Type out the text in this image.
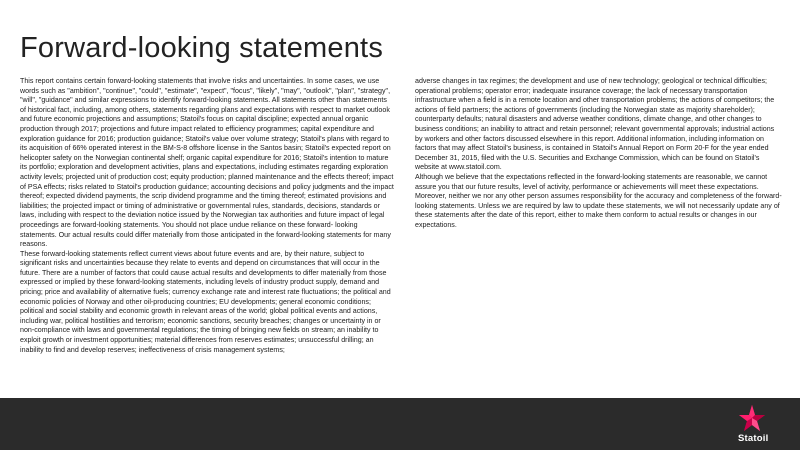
Forward-looking statements

This report contains certain forward-looking statements that involve risks and uncertainties. In some cases, we use words such as "ambition", "continue", "could", "estimate", "expect", "focus", "likely", "may", "outlook", "plan", "strategy", "will", "guidance" and similar expressions to identify forward-looking statements. All statements other than statements of historical fact, including, among others, statements regarding plans and expectations with respect to market outlook and future economic projections and assumptions; Statoil's focus on capital discipline; expected annual organic production through 2017; projections and future impact related to efficiency programmes; capital expenditure and exploration guidance for 2016; production guidance; Statoil's value over volume strategy; Statoil's plans with regard to its acquisition of 66% operated interest in the BM-S-8 offshore license in the Santos basin; Statoil's expected report on helicopter safety on the Norwegian continental shelf; organic capital expenditure for 2016; Statoil's intention to mature its portfolio; exploration and development activities, plans and expectations, including estimates regarding exploration activity levels; projected unit of production cost; equity production; planned maintenance and the effects thereof; impact of PSA effects; risks related to Statoil's production guidance; accounting decisions and policy judgments and the impact thereof; expected dividend payments, the scrip dividend programme and the timing thereof; estimated provisions and liabilities; the projected impact or timing of administrative or governmental rules, standards, decisions, standards or laws, including with respect to the deviation notice issued by the Norwegian tax authorities and future impact of legal proceedings are forward-looking statements. You should not place undue reliance on these forward- looking statements. Our actual results could differ materially from those anticipated in the forward-looking statements for many reasons.

These forward-looking statements reflect current views about future events and are, by their nature, subject to significant risks and uncertainties because they relate to events and depend on circumstances that will occur in the future. There are a number of factors that could cause actual results and developments to differ materially from those expressed or implied by these forward-looking statements, including levels of industry product supply, demand and pricing; price and availability of alternative fuels; currency exchange rate and interest rate fluctuations; the political and economic policies of Norway and other oil-producing countries; EU developments; general economic conditions; political and social stability and economic growth in relevant areas of the world; global political events and actions, including war, political hostilities and terrorism; economic sanctions, security breaches; changes or uncertainty in or non-compliance with laws and governmental regulations; the timing of bringing new fields on stream; an inability to exploit growth or investment opportunities; material differences from reserves estimates; unsuccessful drilling; an inability to find and develop reserves; ineffectiveness of crisis management systems;

adverse changes in tax regimes; the development and use of new technology; geological or technical difficulties; operational problems; operator error; inadequate insurance coverage; the lack of necessary transportation infrastructure when a field is in a remote location and other transportation problems; the actions of competitors; the actions of field partners; the actions of governments (including the Norwegian state as majority shareholder); counterparty defaults; natural disasters and adverse weather conditions, climate change, and other changes to business conditions; an inability to attract and retain personnel; relevant governmental approvals; industrial actions by workers and other factors discussed elsewhere in this report. Additional information, including information on factors that may affect Statoil's business, is contained in Statoil's Annual Report on Form 20-F for the year ended December 31, 2015, filed with the U.S. Securities and Exchange Commission, which can be found on Statoil's website at www.statoil.com.

Although we believe that the expectations reflected in the forward-looking statements are reasonable, we cannot assure you that our future results, level of activity, performance or achievements will meet these expectations. Moreover, neither we nor any other person assumes responsibility for the accuracy and completeness of the forward-looking statements. Unless we are required by law to update these statements, we will not necessarily update any of these statements after the date of this report, either to make them conform to actual results or changes in our expectations.

Statoil
